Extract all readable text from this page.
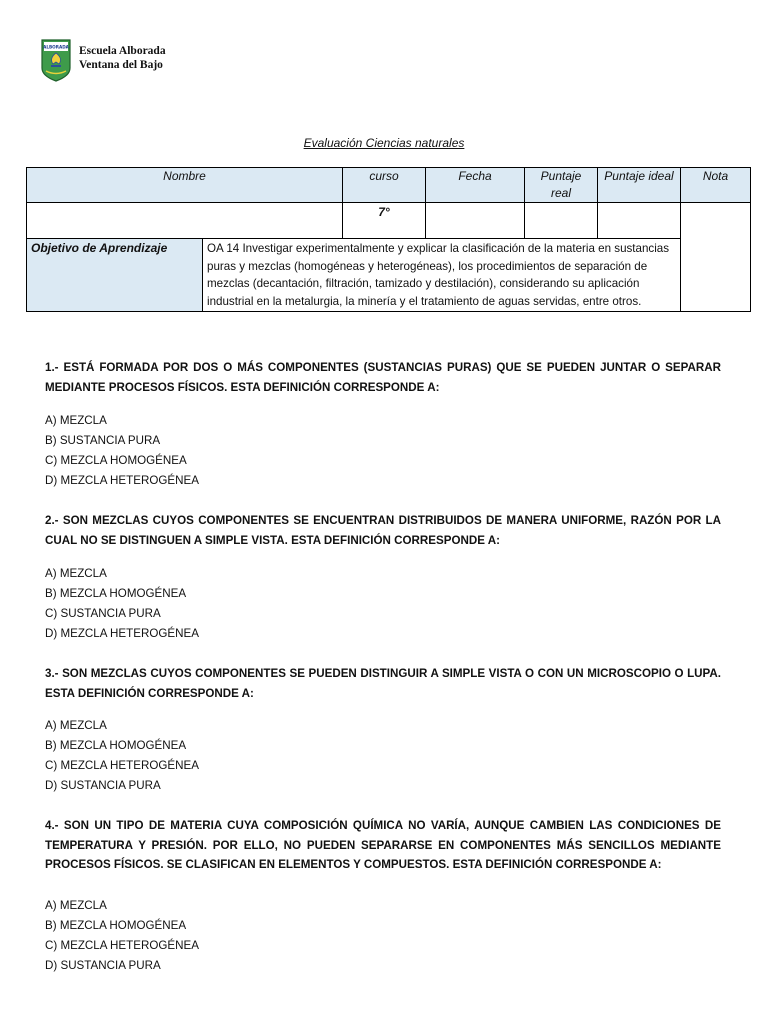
ALBORADA Escuela Alborada
Ventana del Bajo
Evaluación Ciencias naturales
Nombre		curso	Fecha	Puntaje real	Puntaje ideal	Nota
		7°				
Objetivo de Aprendizaje	OA 14 Investigar experimentalmente y explicar la clasificación de la materia en sustancias puras y mezclas (homogéneas y heterogéneas), los procedimientos de separación de mezclas (decantación, filtración, tamizado y destilación), considerando su aplicación industrial en la metalurgia, la minería y el tratamiento de aguas servidas, entre otros.					
1.- ESTÁ FORMADA POR DOS O MÁS COMPONENTES (SUSTANCIAS PURAS) QUE SE PUEDEN JUNTAR O SEPARAR MEDIANTE PROCESOS FÍSICOS. ESTA DEFINICIÓN CORRESPONDE A:
A) MEZCLA
B) SUSTANCIA PURA
C) MEZCLA HOMOGÉNEA
D) MEZCLA HETEROGÉNEA
2.- SON MEZCLAS CUYOS COMPONENTES SE ENCUENTRAN DISTRIBUIDOS DE MANERA UNIFORME, RAZÓN POR LA CUAL NO SE DISTINGUEN A SIMPLE VISTA. ESTA DEFINICIÓN CORRESPONDE A:
A) MEZCLA
B) MEZCLA HOMOGÉNEA
C) SUSTANCIA PURA
D) MEZCLA HETEROGÉNEA
3.- SON MEZCLAS CUYOS COMPONENTES SE PUEDEN DISTINGUIR A SIMPLE VISTA O CON UN MICROSCOPIO O LUPA. ESTA DEFINICIÓN CORRESPONDE A:
A) MEZCLA
B) MEZCLA HOMOGÉNEA
C) MEZCLA HETEROGÉNEA
D) SUSTANCIA PURA
4.- SON UN TIPO DE MATERIA CUYA COMPOSICIÓN QUÍMICA NO VARÍA, AUNQUE CAMBIEN LAS CONDICIONES DE TEMPERATURA Y PRESIÓN. POR ELLO, NO PUEDEN SEPARARSE EN COMPONENTES MÁS SENCILLOS MEDIANTE PROCESOS FÍSICOS. SE CLASIFICAN EN ELEMENTOS Y COMPUESTOS. ESTA DEFINICIÓN CORRESPONDE A:
A) MEZCLA
B) MEZCLA HOMOGÉNEA
C) MEZCLA HETEROGÉNEA
D) SUSTANCIA PURA
